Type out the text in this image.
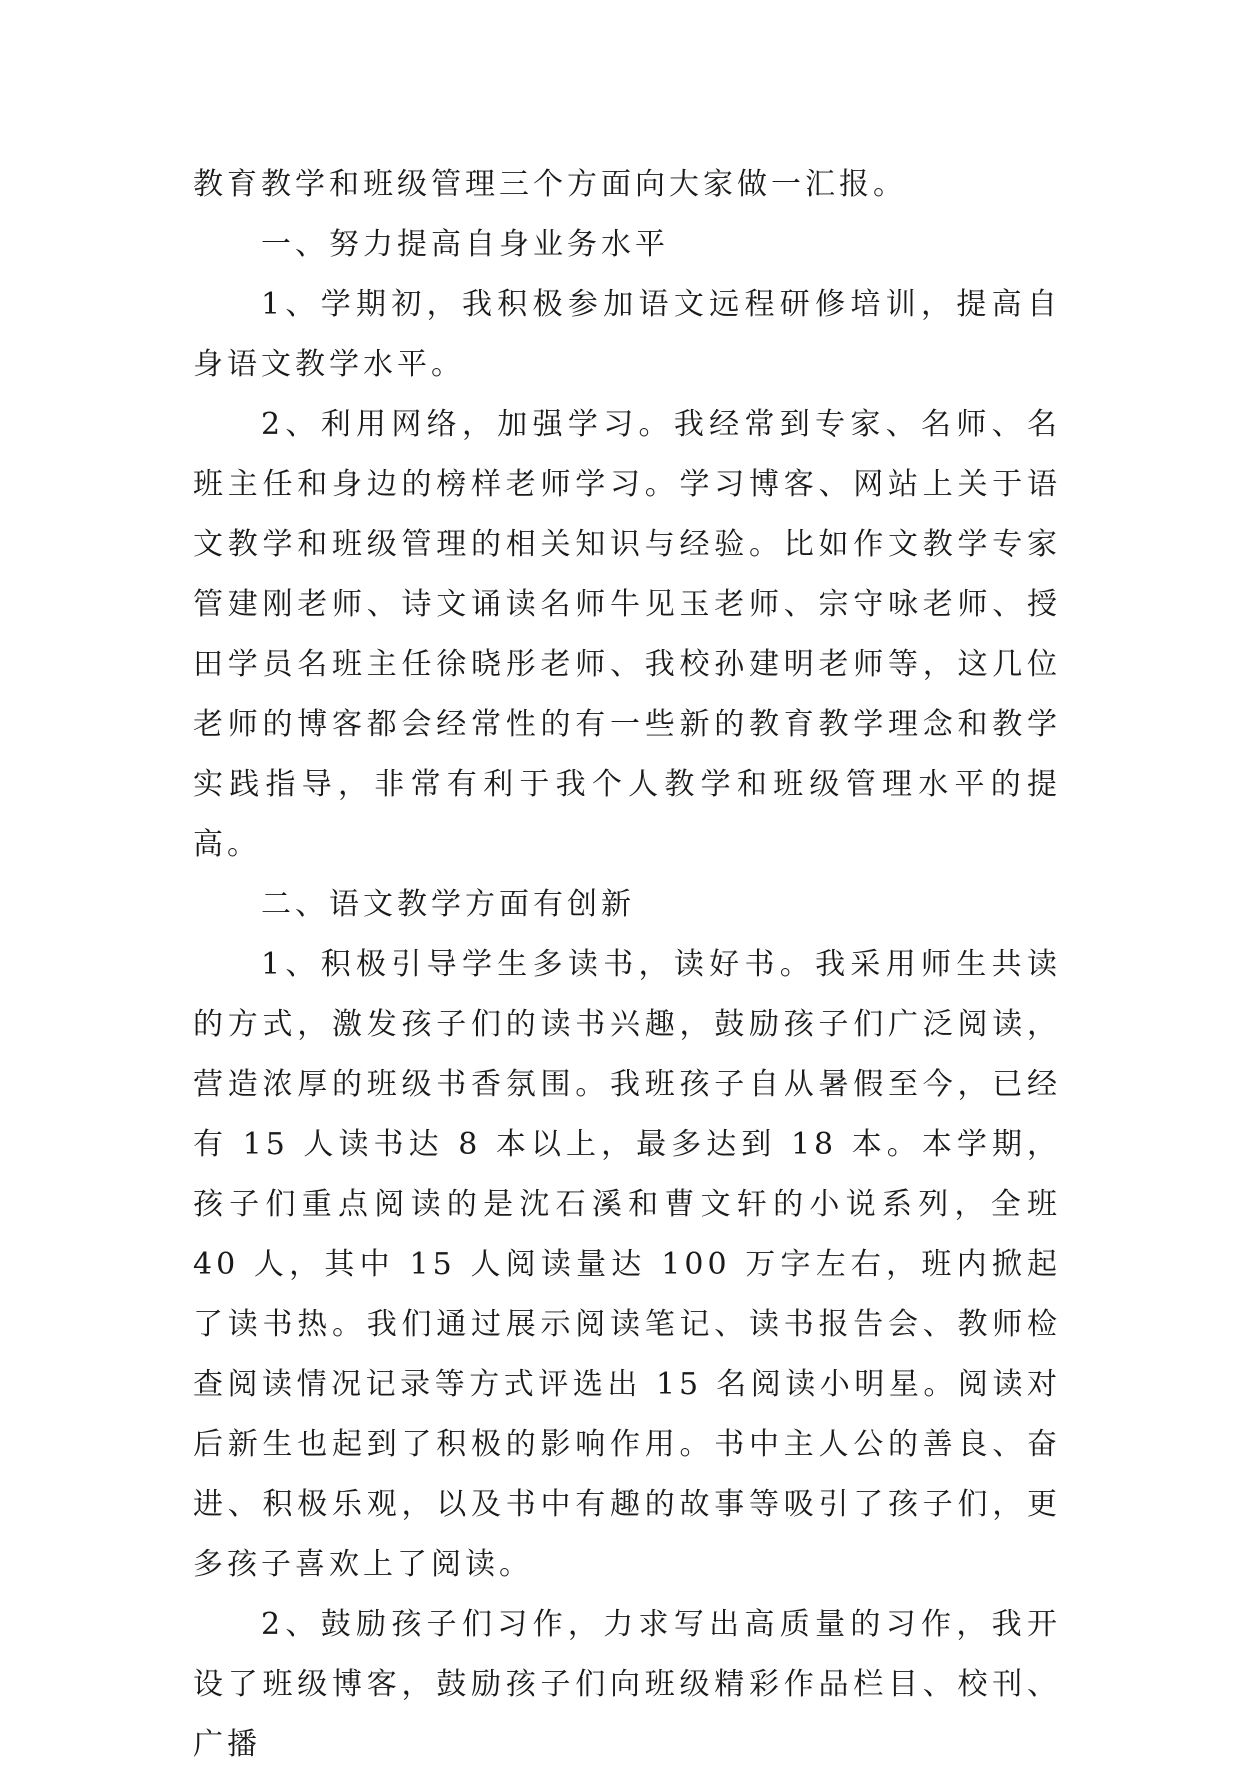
教育教学和班级管理三个方面向大家做一汇报。

一、努力提高自身业务水平

1、学期初，我积极参加语文远程研修培训，提高自身语文教学水平。

2、利用网络，加强学习。我经常到专家、名师、名班主任和身边的榜样老师学习。学习博客、网站上关于语文教学和班级管理的相关知识与经验。比如作文教学专家管建刚老师、诗文诵读名师牛见玉老师、宗守咏老师、授田学员名班主任徐晓彤老师、我校孙建明老师等，这几位老师的博客都会经常性的有一些新的教育教学理念和教学实践指导，非常有利于我个人教学和班级管理水平的提高。

二、语文教学方面有创新

1、积极引导学生多读书，读好书。我采用师生共读的方式，激发孩子们的读书兴趣，鼓励孩子们广泛阅读，营造浓厚的班级书香氛围。我班孩子自从暑假至今，已经有 15 人读书达 8 本以上，最多达到 18 本。本学期，孩子们重点阅读的是沈石溪和曹文轩的小说系列，全班 40 人，其中 15 人阅读量达 100 万字左右，班内掀起了读书热。我们通过展示阅读笔记、读书报告会、教师检查阅读情况记录等方式评选出 15 名阅读小明星。阅读对后新生也起到了积极的影响作用。书中主人公的善良、奋进、积极乐观，以及书中有趣的故事等吸引了孩子们，更多孩子喜欢上了阅读。

2、鼓励孩子们习作，力求写出高质量的习作，我开设了班级博客，鼓励孩子们向班级精彩作品栏目、校刊、广播
